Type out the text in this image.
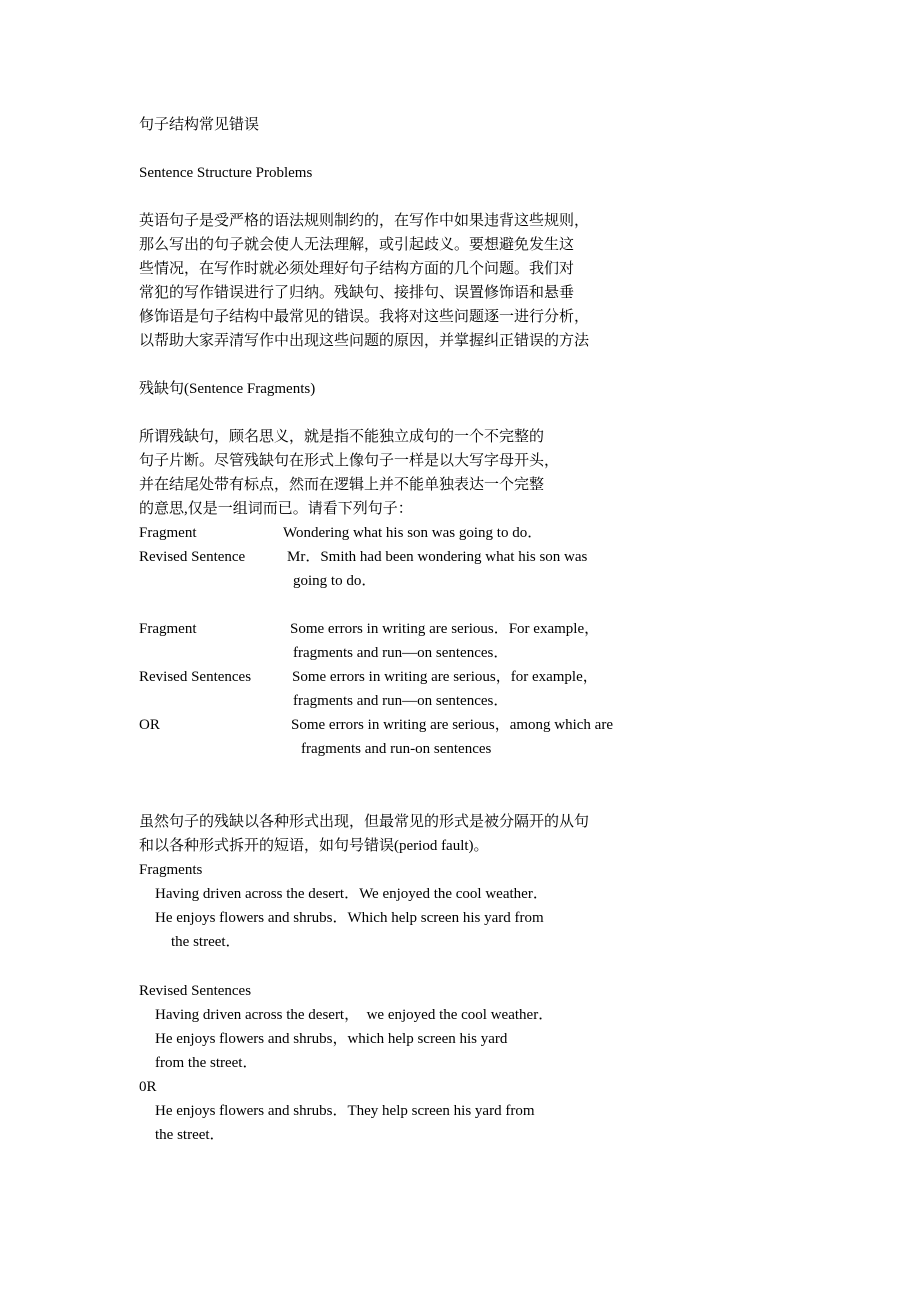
句子结构常见错误
Sentence Structure Problems
英语句子是受严格的语法规则制约的，在写作中如果违背这些规则，
那么写出的句子就会使人无法理解，或引起歧义。要想避免发生这
些情况，在写作时就必须处理好句子结构方面的几个问题。我们对
常犯的写作错误进行了归纳。残缺句、接排句、误置修饰语和悬垂
修饰语是句子结构中最常见的错误。我将对这些问题逐一进行分析，
以帮助大家弄清写作中出现这些问题的原因，并掌握纠正错误的方法
残缺句(Sentence Fragments)
所谓残缺句，顾名思义，就是指不能独立成句的一个不完整的
句子片断。尽管残缺句在形式上像句子一样是以大写字母开头，
并在结尾处带有标点，然而在逻辑上并不能单独表达一个完整
的意思,仅是一组词而已。请看下列句子：
Fragment	Wondering what his son was going to do．
Revised Sentence	Mr．Smith had been wondering what his son was
going to do．
Fragment	Some errors in writing are serious．For example，
fragments and run—on sentences．
Revised Sentences	Some errors in writing are serious，for example，
fragments and run—on sentences．
OR	Some errors in writing are serious，among which are
fragments and run-on sentences
虽然句子的残缺以各种形式出现，但最常见的形式是被分隔开的从句
和以各种形式拆开的短语，如句号错误(period fault)。
Fragments
Having driven across the desert．We enjoyed the cool weather．
He enjoys flowers and shrubs．Which help screen his yard from
the street．
Revised Sentences
Having driven across the desert，  we enjoyed the cool weather．
He enjoys flowers and shrubs，which help screen his yard
from the street．
0R
He enjoys flowers and shrubs．They help screen his yard from
the street．
